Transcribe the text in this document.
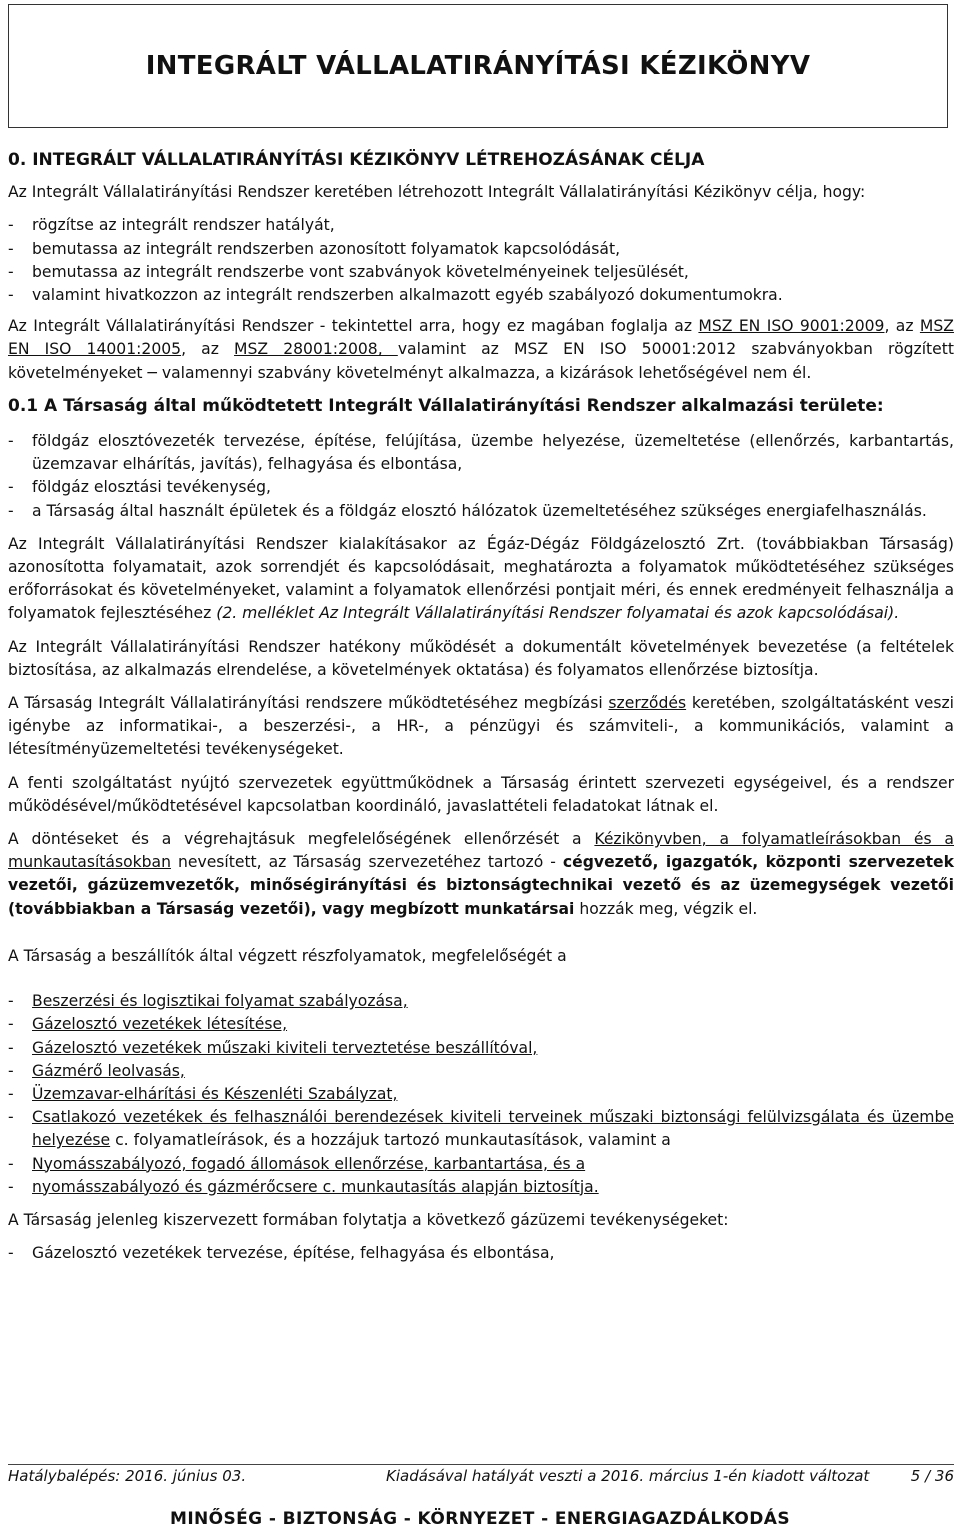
INTEGRÁLT VÁLLALATIRÁNYÍTÁSI KÉZIKÖNYV
0. INTEGRÁLT VÁLLALATIRÁNYÍTÁSI KÉZIKÖNYV LÉTREHOZÁSÁNAK CÉLJA

Az Integrált Vállalatirányítási Rendszer keretében létrehozott Integrált Vállalatirányítási Kézikönyv célja, hogy:

- rögzítse az integrált rendszer hatályát,
- bemutassa az integrált rendszerben azonosított folyamatok kapcsolódását,
- bemutassa az integrált rendszerbe vont szabványok követelményeinek teljesülését,
- valamint hivatkozzon az integrált rendszerben alkalmazott egyéb szabályozó dokumentumokra.

Az Integrált Vállalatirányítási Rendszer - tekintettel arra, hogy ez magában foglalja az MSZ EN ISO 9001:2009, az MSZ EN ISO 14001:2005, az MSZ 28001:2008, valamint az MSZ EN ISO 50001:2012 szabványokban rögzített követelményeket ─ valamennyi szabvány követelményt alkalmazza, a kizárások lehetőségével nem él.

0.1 A Társaság által működtetett Integrált Vállalatirányítási Rendszer alkalmazási területe:
- földgáz elosztóvezeték tervezése, építése, felújítása, üzembe helyezése, üzemeltetése (ellenőrzés, karbantartás, üzemzavar elhárítás, javítás), felhagyása és elbontása,
- földgáz elosztási tevékenység,
- a Társaság által használt épületek és a földgáz elosztó hálózatok üzemeltetéséhez szükséges energiafelhasználás.

Az Integrált Vállalatirányítási Rendszer kialakításakor az Égáz-Dégáz Földgázelosztó Zrt. (továbbiakban Társaság) azonosította folyamatait, azok sorrendjét és kapcsolódásait, meghatározta a folyamatok működtetéséhez szükséges erőforrásokat és követelményeket, valamint a folyamatok ellenőrzési pontjait méri, és ennek eredményeit felhasználja a folyamatok fejlesztéséhez (2. melléklet Az Integrált Vállalatirányítási Rendszer folyamatai és azok kapcsolódásai).

Az Integrált Vállalatirányítási Rendszer hatékony működését a dokumentált követelmények bevezetése (a feltételek biztosítása, az alkalmazás elrendelése, a követelmények oktatása) és folyamatos ellenőrzése biztosítja.

A Társaság Integrált Vállalatirányítási rendszere működtetéséhez megbízási szerződés keretében, szolgáltatásként veszi igénybe az informatikai-, a beszerzési-, a HR-, a pénzügyi és számviteli-, a kommunikációs, valamint a létesítményüzemeltetési tevékenységeket.

A fenti szolgáltatást nyújtó szervezetek együttműködnek a Társaság érintett szervezeti egységeivel, és a rendszer működésével/működtetésével kapcsolatban koordináló, javaslattételi feladatokat látnak el.

A döntéseket és a végrehajtásuk megfelelőségének ellenőrzését a Kézikönyvben, a folyamatleírásokban és a munkautasításokban nevesített, az Társaság szervezetéhez tartozó - cégvezető, igazgatók, központi szervezetek vezetői, gázüzemvezetők, minőségirányítási és biztonságtechnikai vezető és az üzemegységek vezetői (továbbiakban a Társaság vezetői), vagy megbízott munkatársai hozzák meg, végzik el.

A Társaság a beszállítók által végzett részfolyamatok, megfelelőségét a

- Beszerzési és logisztikai folyamat szabályozása,
- Gázelosztó vezetékek létesítése,
- Gázelosztó vezetékek műszaki kiviteli terveztetése beszállítóval,
- Gázmérő leolvasás,
- Üzemzavar-elhárítási és Készenléti Szabályzat,
- Csatlakozó vezetékek és felhasználói berendezések kiviteli terveinek műszaki biztonsági felülvizsgálata és üzembe helyezése c. folyamatleírások, és a hozzájuk tartozó munkautasítások, valamint a
- Nyomásszabályozó, fogadó állomások ellenőrzése, karbantartása, és a
- nyomásszabályozó és gázmérőcsere c. munkautasítás alapján biztosítja.

A Társaság jelenleg kiszervezett formában folytatja a következő gázüzemi tevékenységeket:

- Gázelosztó vezetékek tervezése, építése, felhagyása és elbontása,
Hatálybalépés: 2016. június 03.	Kiadásával hatályát veszti a 2016. március 1-én kiadott változat	5 / 36
MINŐSÉG - BIZTONSÁG - KÖRNYEZET - ENERGIAGAZDÁLKODÁS
